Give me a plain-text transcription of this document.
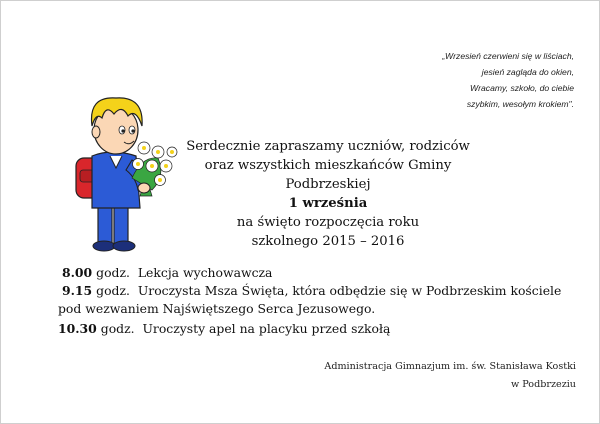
„Wrzesień czerwieni się w liściach,
jesień zagląda do okien,
Wracamy, szkoło, do ciebie
szybkim, wesołym krokiem".
Serdecznie zapraszamy uczniów, rodziców
oraz wszystkich mieszkańców Gminy Podbrzeskiej
1 września
na święto rozpoczęcia roku
szkolnego 2015 – 2016
8.00 godz. Lekcja wychowawcza
9.15 godz. Uroczysta Msza Święta, która odbędzie się w Podbrzeskim kościele
pod wezwaniem Najświętszego Serca Jezusowego.
10.30 godz. Uroczysty apel na placyku przed szkołą
Administracja Gimnazjum im. św. Stanisława Kostki
w Podbrzeziu
